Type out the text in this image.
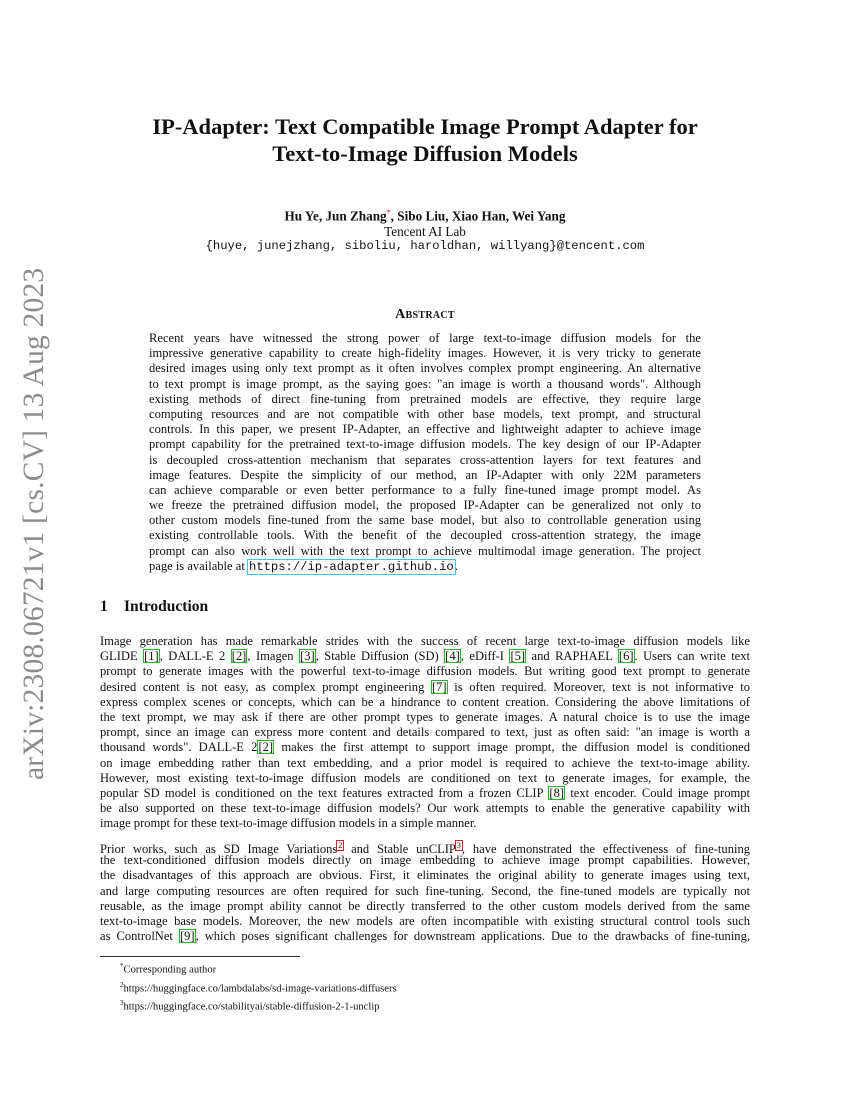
arXiv:2308.06721v1 [cs.CV] 13 Aug 2023
IP-Adapter: Text Compatible Image Prompt Adapter for
Text-to-Image Diffusion Models
Hu Ye, Jun Zhang*, Sibo Liu, Xiao Han, Wei Yang
Tencent AI Lab
{huye, junejzhang, siboliu, haroldhan, willyang}@tencent.com
Abstract
Recent years have witnessed the strong power of large text-to-image diffusion models for the
impressive generative capability to create high-fidelity images. However, it is very tricky to generate
desired images using only text prompt as it often involves complex prompt engineering. An alternative
to text prompt is image prompt, as the saying goes: "an image is worth a thousand words". Although
existing methods of direct fine-tuning from pretrained models are effective, they require large
computing resources and are not compatible with other base models, text prompt, and structural
controls. In this paper, we present IP-Adapter, an effective and lightweight adapter to achieve image
prompt capability for the pretrained text-to-image diffusion models. The key design of our IP-Adapter
is decoupled cross-attention mechanism that separates cross-attention layers for text features and
image features. Despite the simplicity of our method, an IP-Adapter with only 22M parameters
can achieve comparable or even better performance to a fully fine-tuned image prompt model. As
we freeze the pretrained diffusion model, the proposed IP-Adapter can be generalized not only to
other custom models fine-tuned from the same base model, but also to controllable generation using
existing controllable tools. With the benefit of the decoupled cross-attention strategy, the image
prompt can also work well with the text prompt to achieve multimodal image generation. The project
page is available at https://ip-adapter.github.io.
1 Introduction
Image generation has made remarkable strides with the success of recent large text-to-image diffusion models like
GLIDE [1], DALL-E 2 [2], Imagen [3], Stable Diffusion (SD) [4], eDiff-I [5] and RAPHAEL [6]. Users can write text
prompt to generate images with the powerful text-to-image diffusion models. But writing good text prompt to generate
desired content is not easy, as complex prompt engineering [7] is often required. Moreover, text is not informative to
express complex scenes or concepts, which can be a hindrance to content creation. Considering the above limitations of
the text prompt, we may ask if there are other prompt types to generate images. A natural choice is to use the image
prompt, since an image can express more content and details compared to text, just as often said: "an image is worth a
thousand words". DALL-E 2[2] makes the first attempt to support image prompt, the diffusion model is conditioned
on image embedding rather than text embedding, and a prior model is required to achieve the text-to-image ability.
However, most existing text-to-image diffusion models are conditioned on text to generate images, for example, the
popular SD model is conditioned on the text features extracted from a frozen CLIP [8] text encoder. Could image prompt
be also supported on these text-to-image diffusion models? Our work attempts to enable the generative capability with
image prompt for these text-to-image diffusion models in a simple manner.
Prior works, such as SD Image Variations$^2$ and Stable unCLIP$^3$, have demonstrated the effectiveness of fine-tuning
the text-conditioned diffusion models directly on image embedding to achieve image prompt capabilities. However,
the disadvantages of this approach are obvious. First, it eliminates the original ability to generate images using text,
and large computing resources are often required for such fine-tuning. Second, the fine-tuned models are typically not
reusable, as the image prompt ability cannot be directly transferred to the other custom models derived from the same
text-to-image base models. Moreover, the new models are often incompatible with existing structural control tools such
as ControlNet [9], which poses significant challenges for downstream applications. Due to the drawbacks of fine-tuning,
*Corresponding author
$^2$https://huggingface.co/lambdalabs/sd-image-variations-diffusers
$^3$https://huggingface.co/stabilityai/stable-diffusion-2-1-unclip
